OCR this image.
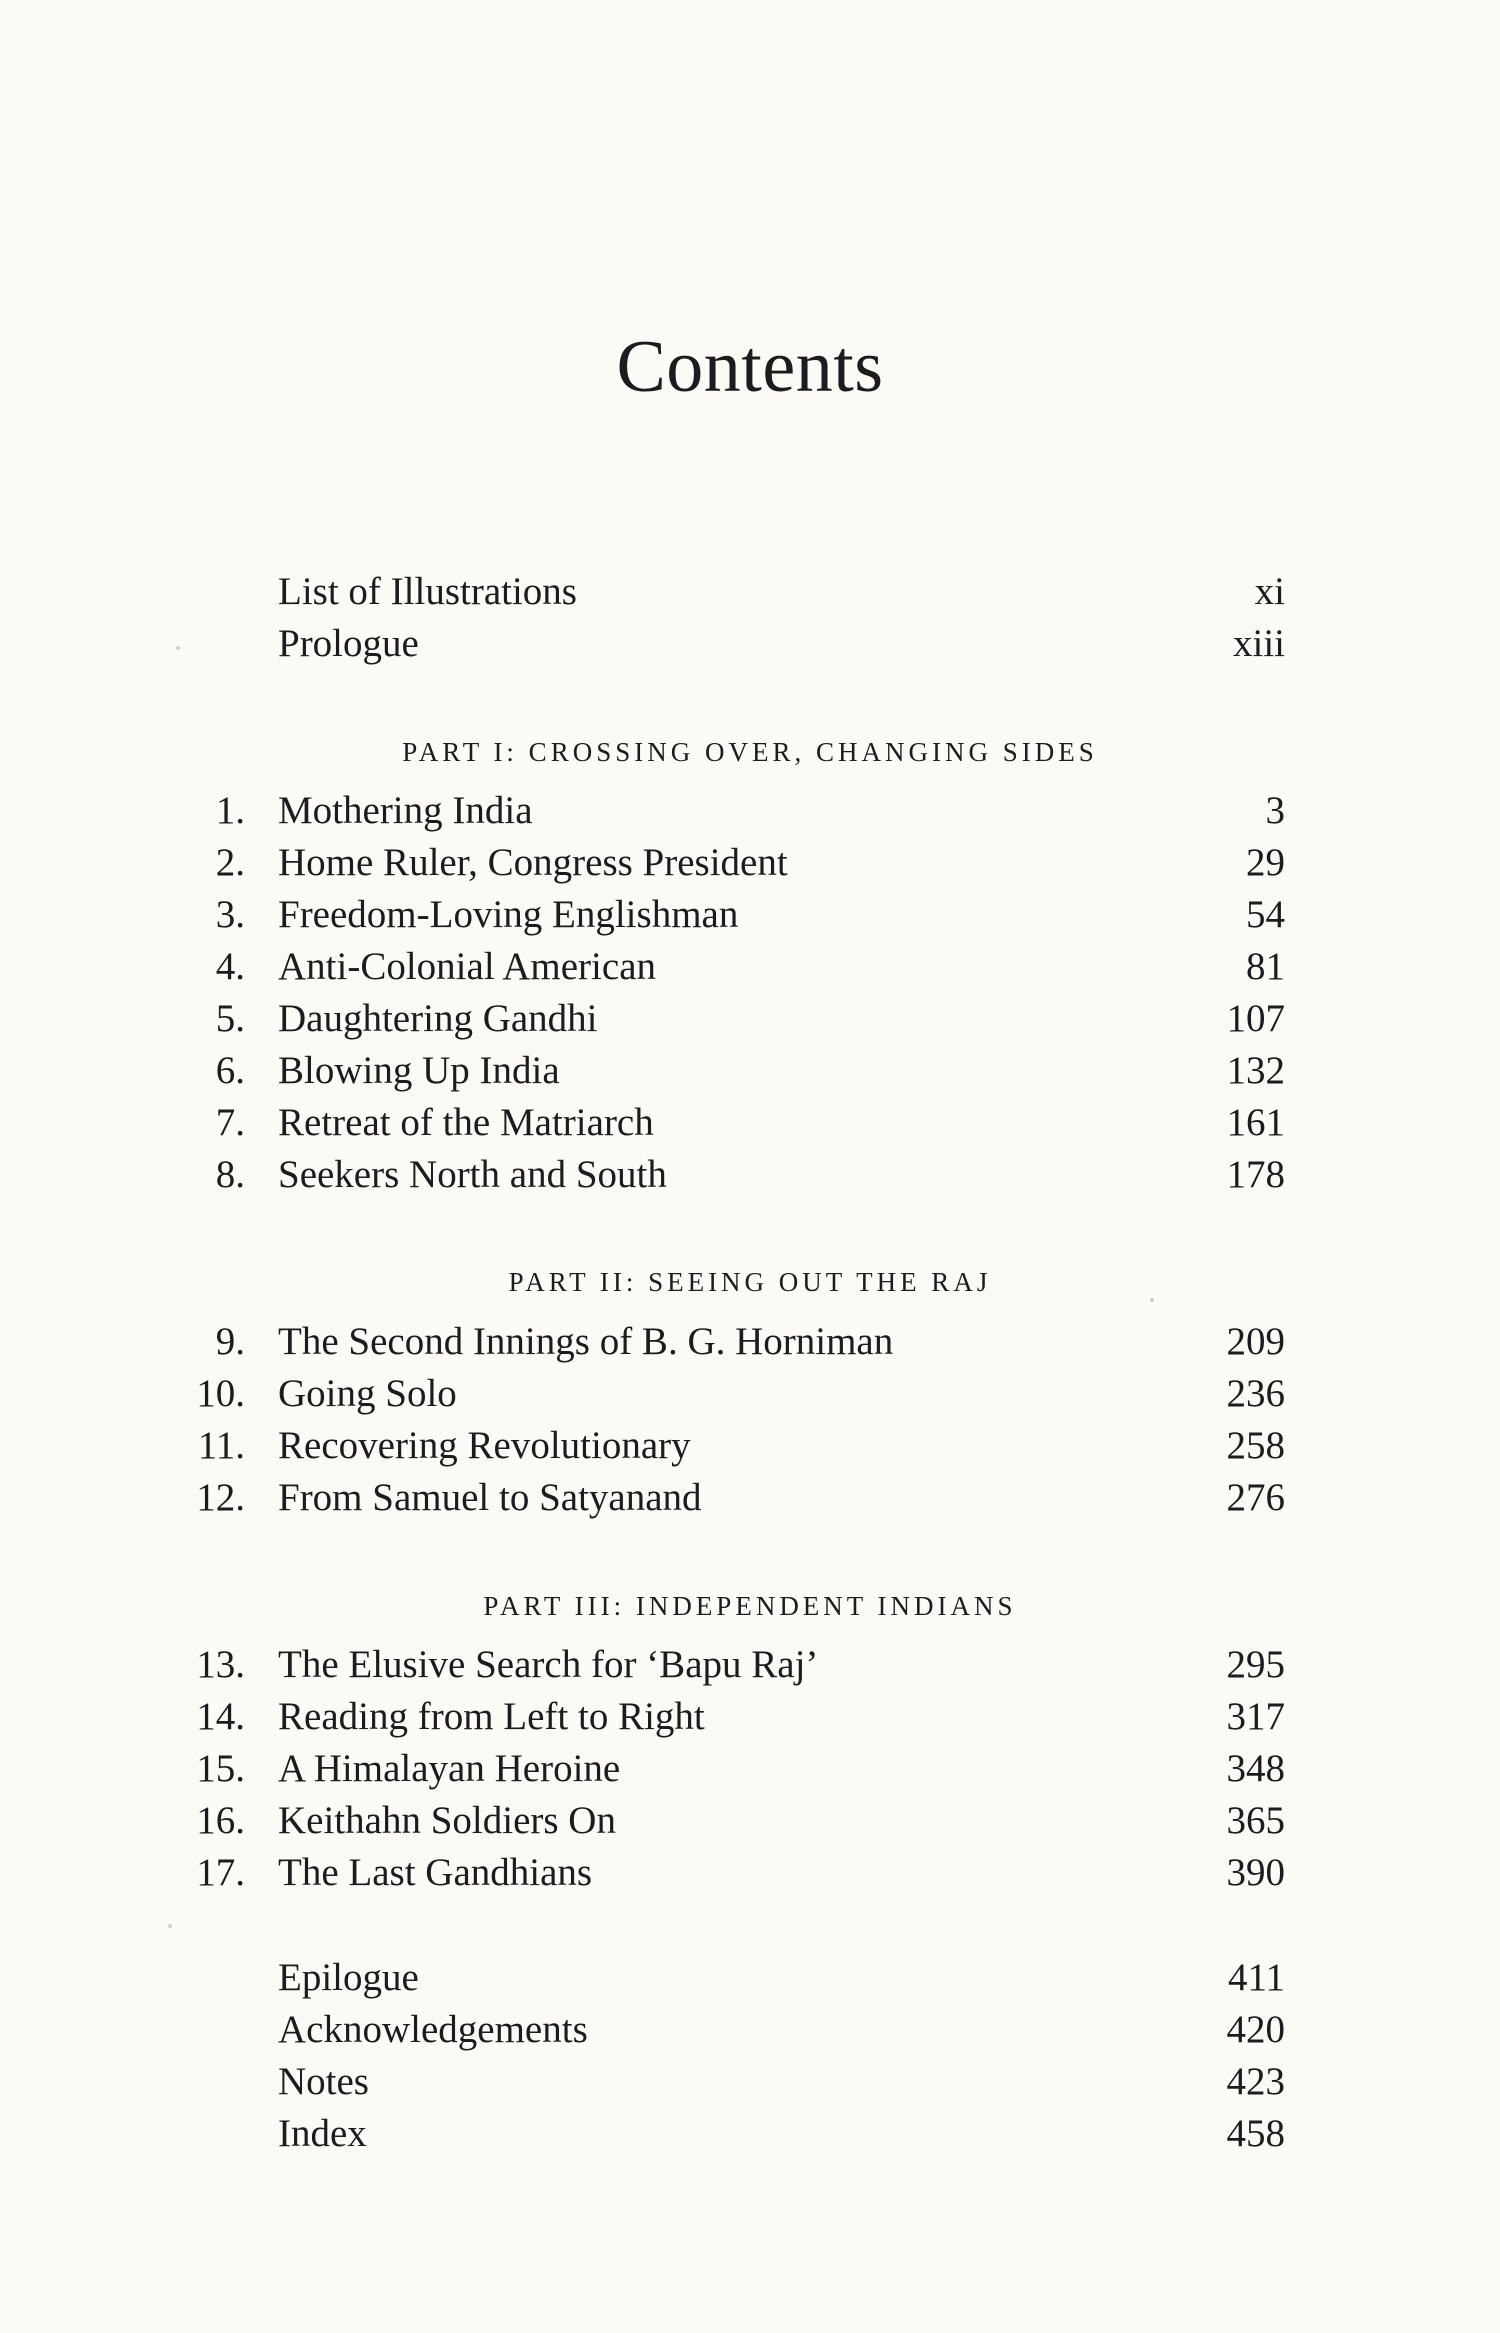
Contents
List of Illustrations	xi
Prologue	xiii
PART I: CROSSING OVER, CHANGING SIDES
1. Mothering India	3
2. Home Ruler, Congress President	29
3. Freedom-Loving Englishman	54
4. Anti-Colonial American	81
5. Daughtering Gandhi	107
6. Blowing Up India	132
7. Retreat of the Matriarch	161
8. Seekers North and South	178
PART II: SEEING OUT THE RAJ
9. The Second Innings of B. G. Horniman	209
10. Going Solo	236
11. Recovering Revolutionary	258
12. From Samuel to Satyanand	276
PART III: INDEPENDENT INDIANS
13. The Elusive Search for ‘Bapu Raj’	295
14. Reading from Left to Right	317
15. A Himalayan Heroine	348
16. Keithahn Soldiers On	365
17. The Last Gandhians	390
Epilogue	411
Acknowledgements	420
Notes	423
Index	458
